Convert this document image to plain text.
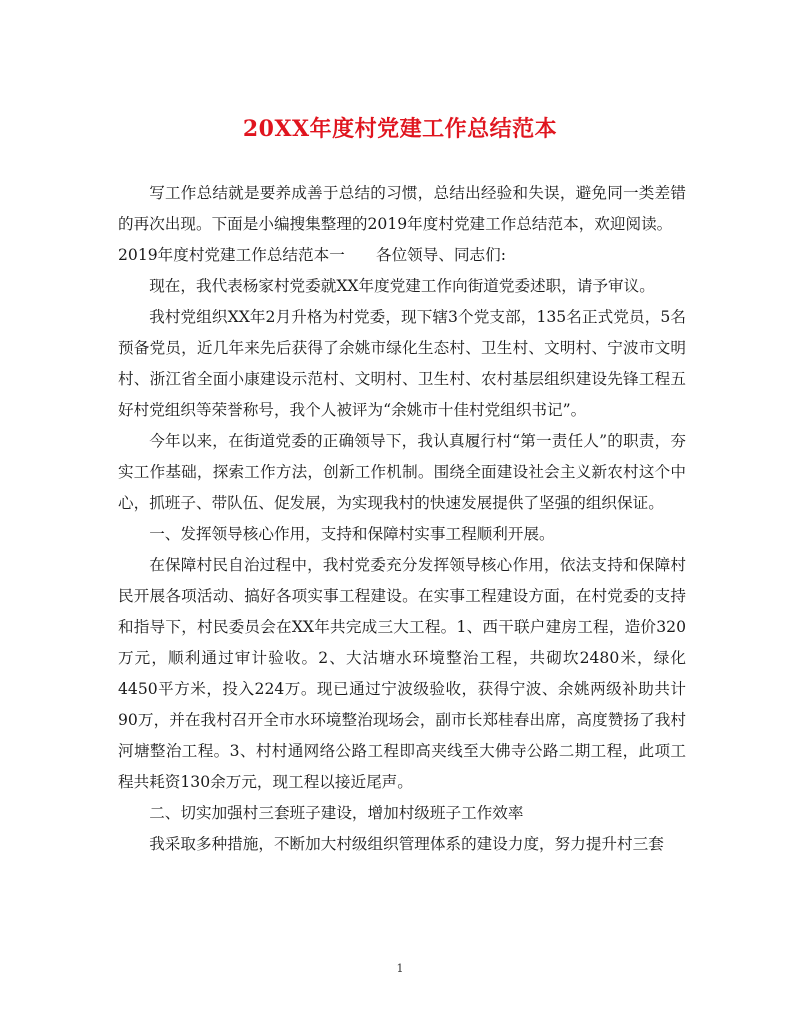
20XX年度村党建工作总结范本

写工作总结就是要养成善于总结的习惯，总结出经验和失误，避免同一类差错的再次出现。下面是小编搜集整理的2019年度村党建工作总结范本，欢迎阅读。

2019年度村党建工作总结范本一　　各位领导、同志们:

现在，我代表杨家村党委就XX年度党建工作向街道党委述职，请予审议。

我村党组织XX年2月升格为村党委，现下辖3个党支部，135名正式党员，5名预备党员，近几年来先后获得了余姚市绿化生态村、卫生村、文明村、宁波市文明村、浙江省全面小康建设示范村、文明村、卫生村、农村基层组织建设先锋工程五好村党组织等荣誉称号，我个人被评为“余姚市十佳村党组织书记”。

今年以来，在街道党委的正确领导下，我认真履行村“第一责任人”的职责，夯实工作基础，探索工作方法，创新工作机制。围绕全面建设社会主义新农村这个中心，抓班子、带队伍、促发展，为实现我村的快速发展提供了坚强的组织保证。

一、发挥领导核心作用，支持和保障村实事工程顺利开展。

在保障村民自治过程中，我村党委充分发挥领导核心作用，依法支持和保障村民开展各项活动、搞好各项实事工程建设。在实事工程建设方面，在村党委的支持和指导下，村民委员会在XX年共完成三大工程。1、西干联户建房工程，造价320万元，顺利通过审计验收。2、大沽塘水环境整治工程，共砌坎2480米，绿化4450平方米，投入224万。现已通过宁波级验收，获得宁波、余姚两级补助共计90万，并在我村召开全市水环境整治现场会，副市长郑桂春出席，高度赞扬了我村河塘整治工程。3、村村通网络公路工程即高夹线至大佛寺公路二期工程，此项工程共耗资130余万元，现工程以接近尾声。

二、切实加强村三套班子建设，增加村级班子工作效率

我采取多种措施，不断加大村级组织管理体系的建设力度，努力提升村三套

1
